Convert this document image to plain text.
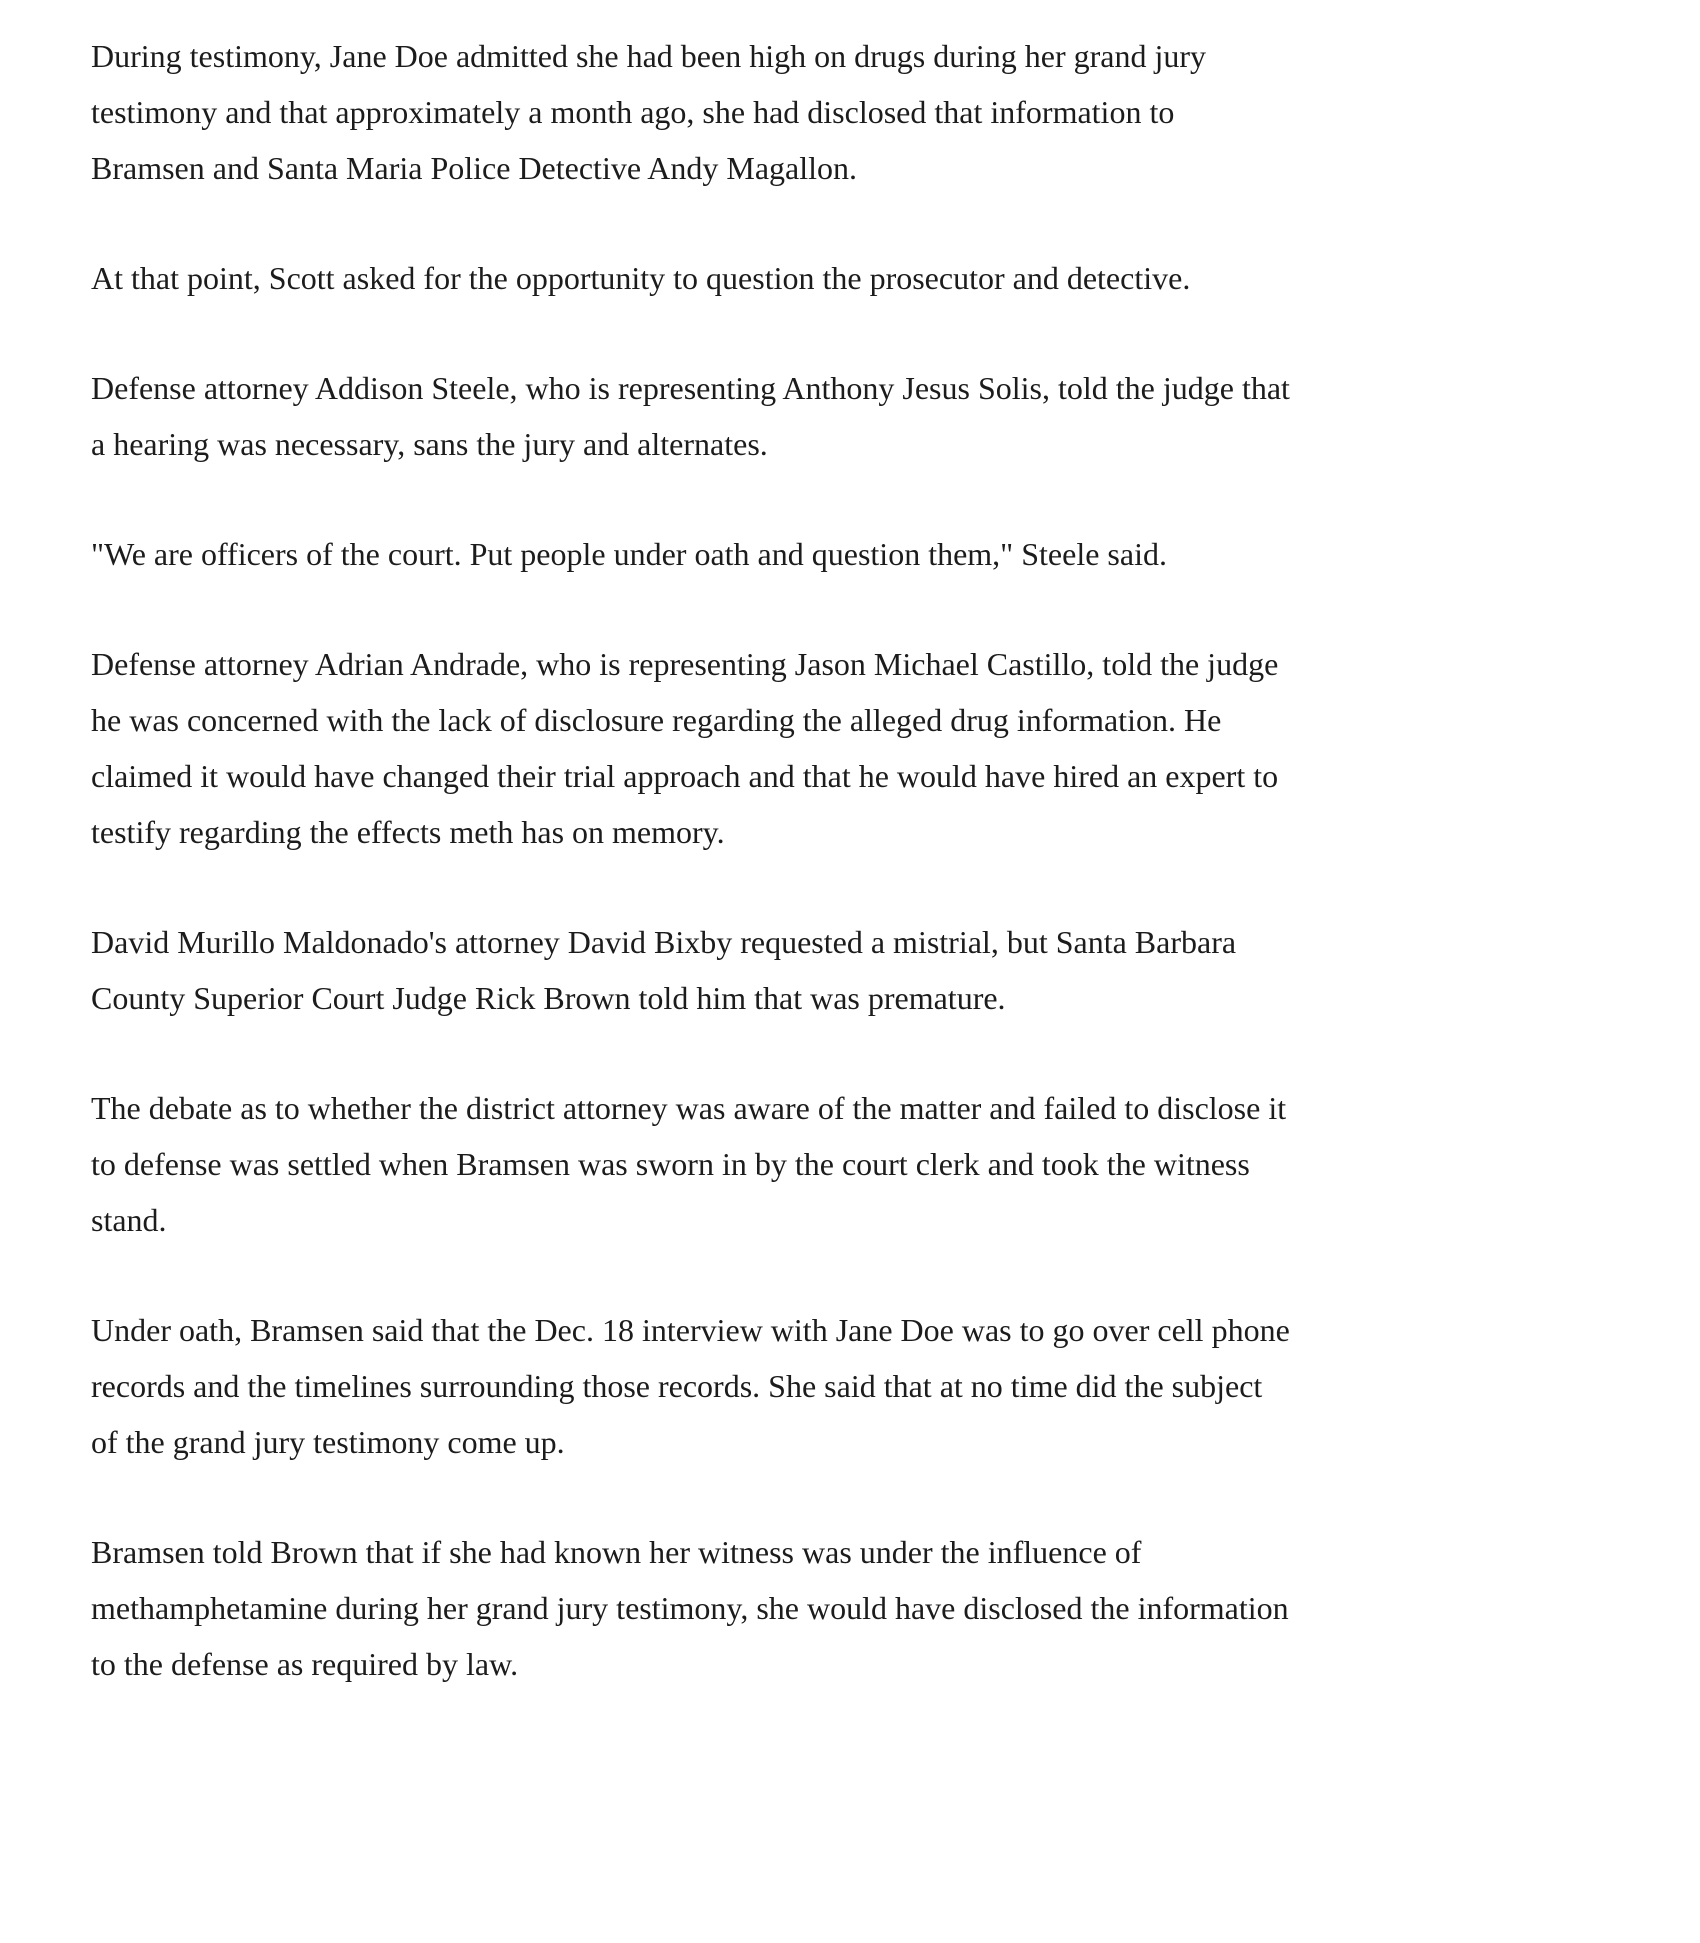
During testimony, Jane Doe admitted she had been high on drugs during her grand jury testimony and that approximately a month ago, she had disclosed that information to Bramsen and Santa Maria Police Detective Andy Magallon.

At that point, Scott asked for the opportunity to question the prosecutor and detective.

Defense attorney Addison Steele, who is representing Anthony Jesus Solis, told the judge that a hearing was necessary, sans the jury and alternates.

"We are officers of the court. Put people under oath and question them," Steele said.

Defense attorney Adrian Andrade, who is representing Jason Michael Castillo, told the judge he was concerned with the lack of disclosure regarding the alleged drug information. He claimed it would have changed their trial approach and that he would have hired an expert to testify regarding the effects meth has on memory.

David Murillo Maldonado's attorney David Bixby requested a mistrial, but Santa Barbara County Superior Court Judge Rick Brown told him that was premature.

The debate as to whether the district attorney was aware of the matter and failed to disclose it to defense was settled when Bramsen was sworn in by the court clerk and took the witness stand.

Under oath, Bramsen said that the Dec. 18 interview with Jane Doe was to go over cell phone records and the timelines surrounding those records. She said that at no time did the subject of the grand jury testimony come up.

Bramsen told Brown that if she had known her witness was under the influence of methamphetamine during her grand jury testimony, she would have disclosed the information to the defense as required by law.
